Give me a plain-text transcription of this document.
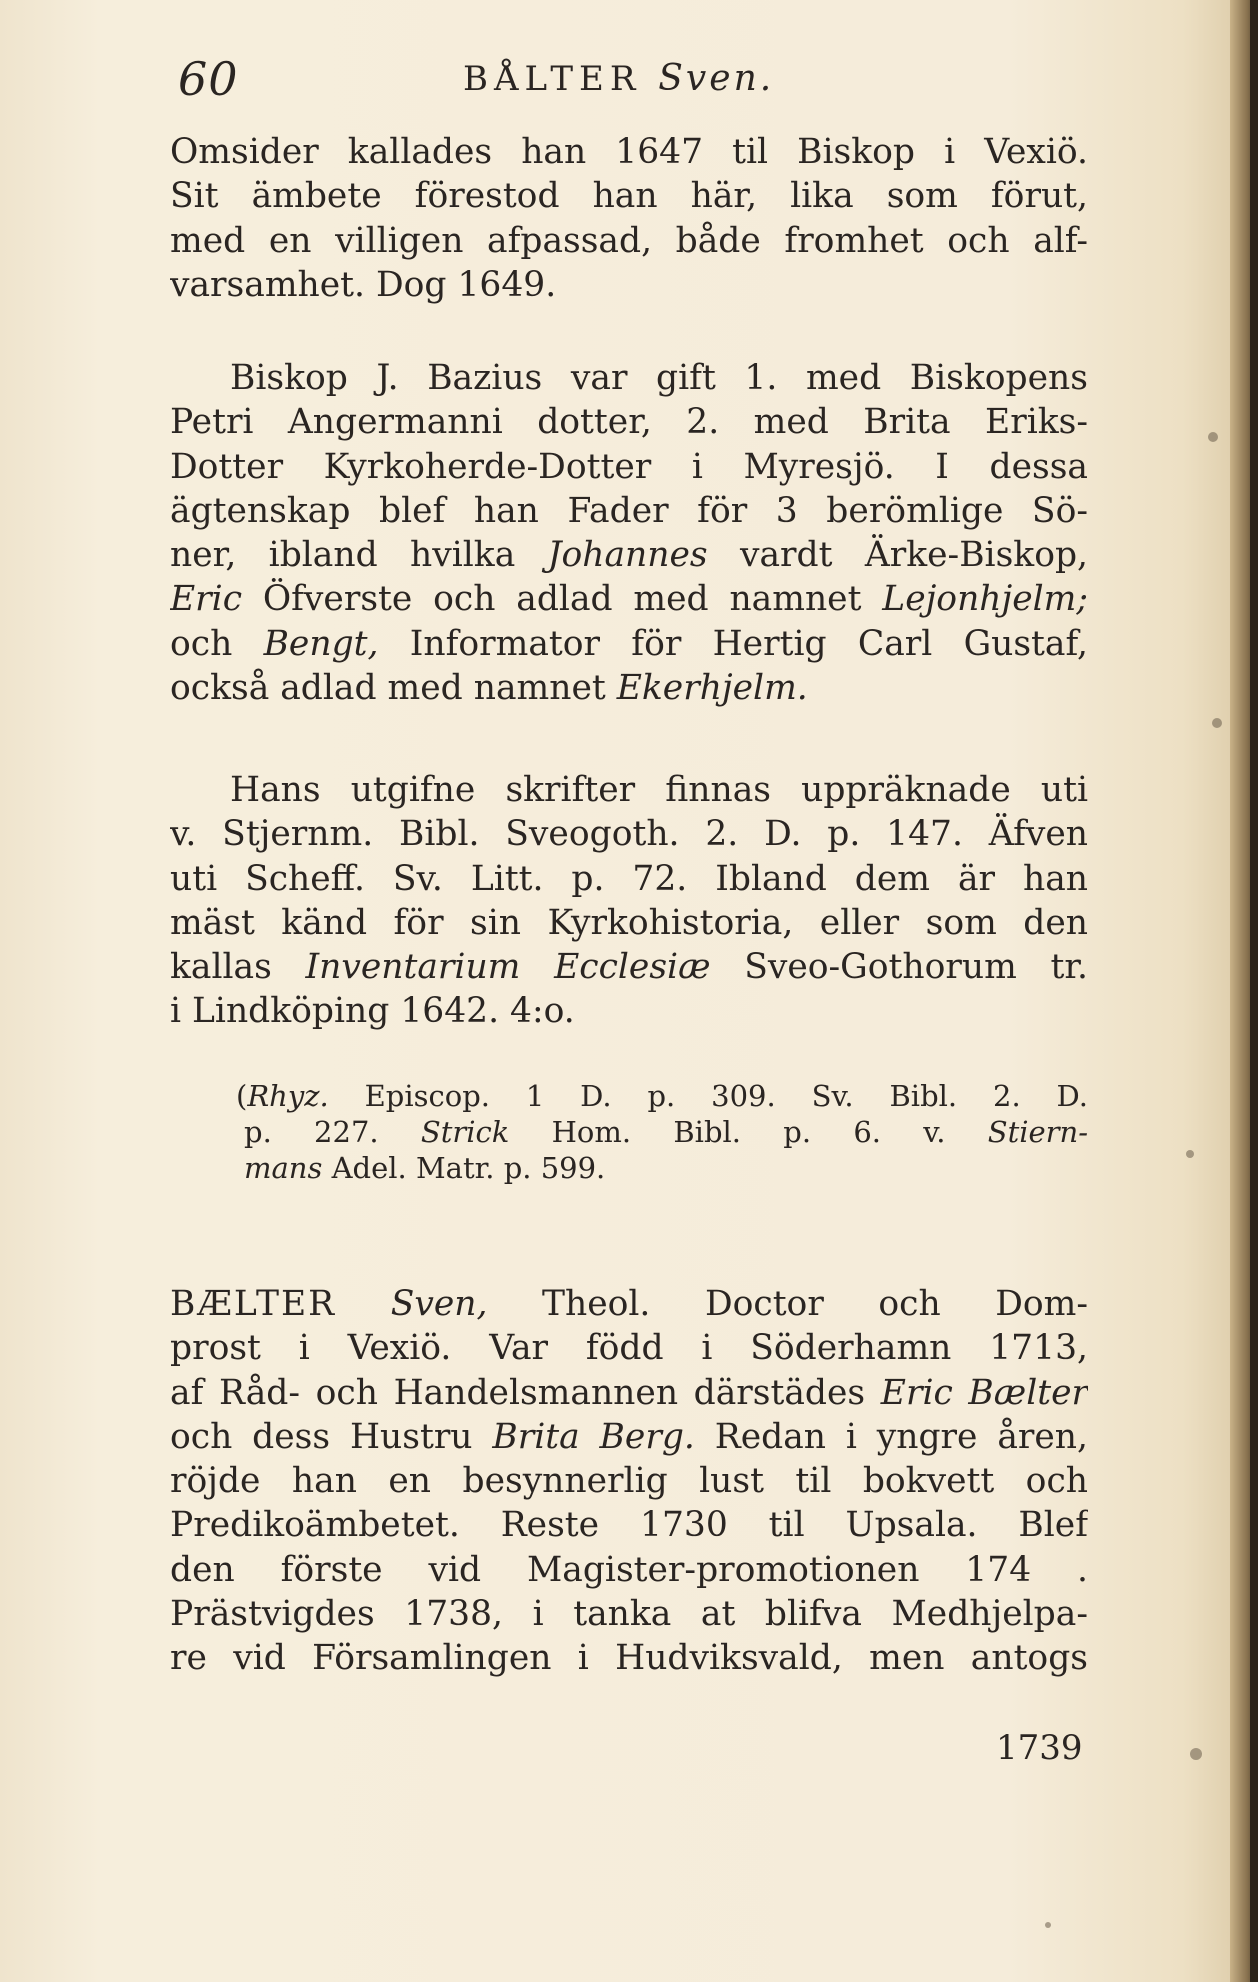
60	BÅLTER Sven.
Omsider kallades han 1647 til Biskop i Vexiö.
Sit ämbete förestod han här, lika som förut,
med en villigen afpassad, både fromhet och alf-
varsamhet. Dog 1649.
Biskop J. Bazius var gift 1. med Biskopens
Petri Angermanni dotter, 2. med Brita Eriks-
Dotter Kyrkoherde-Dotter i Myresjö. I dessa
ägtenskap blef han Fader för 3 berömlige Sö-
ner, ibland hvilka Johannes vardt Ärke-Biskop,
Eric Öfverste och adlad med namnet Lejonhjelm;
och Bengt, Informator för Hertig Carl Gustaf,
också adlad med namnet Ekerhjelm.
Hans utgifne skrifter finnas uppräknade uti
v. Stjernm. Bibl. Sveogoth. 2. D. p. 147. Äfven
uti Scheff. Sv. Litt. p. 72. Ibland dem är han
mäst känd för sin Kyrkohistoria, eller som den
kallas Inventarium Ecclesiæ Sveo-Gothorum tr.
i Lindköping 1642. 4:o.
(Rhyz. Episcop. 1 D. p. 309. Sv. Bibl. 2. D.
p. 227. Strick Hom. Bibl. p. 6. v. Stiern-
mans Adel. Matr. p. 599.
BÆLTER Sven, Theol. Doctor och Dom-
prost i Vexiö. Var född i Söderhamn 1713,
af Råd- och Handelsmannen därstädes Eric Bælter
och dess Hustru Brita Berg. Redan i yngre åren,
röjde han en besynnerlig lust til bokvett och
Predikoämbetet. Reste 1730 til Upsala. Blef
den förste vid Magister-promotionen 174 .
Prästvigdes 1738, i tanka at blifva Medhjelpa-
re vid Församlingen i Hudviksvald, men antogs
1739
